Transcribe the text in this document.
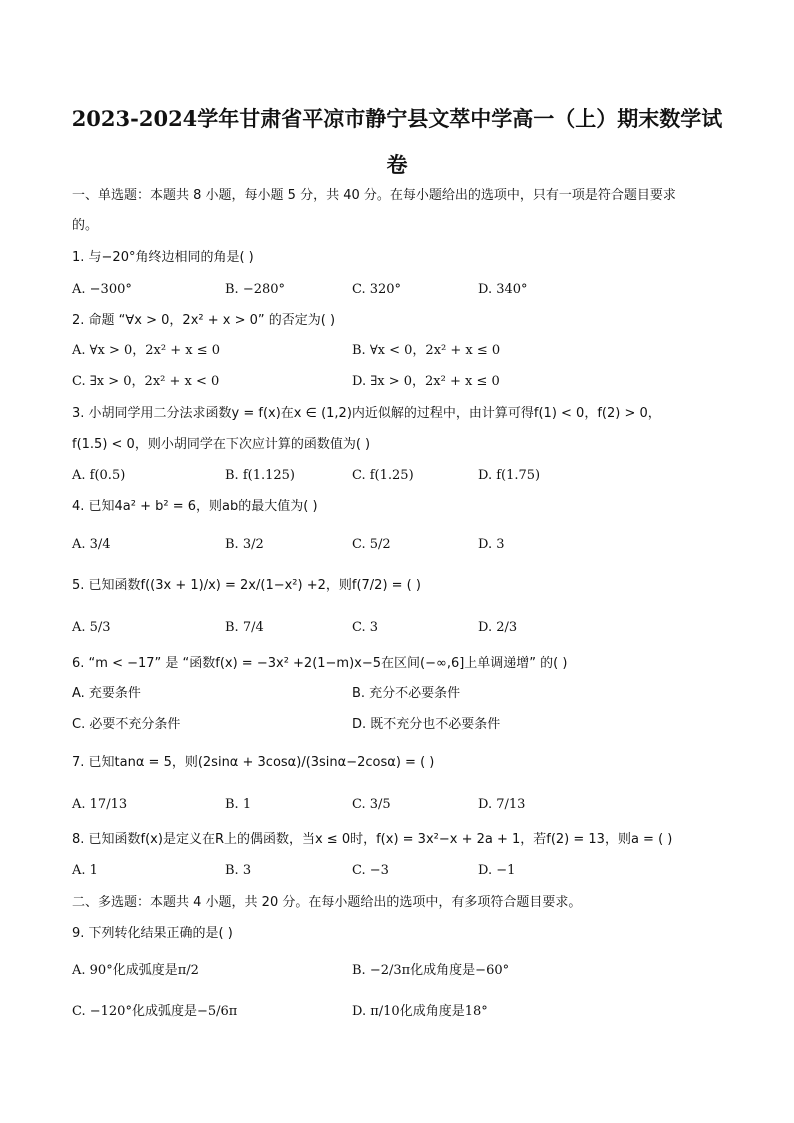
2023-2024学年甘肃省平凉市静宁县文萃中学高一（上）期末数学试
卷
一、单选题：本题共 8 小题，每小题 5 分，共 40 分。在每小题给出的选项中，只有一项是符合题目要求
的。
1. 与−20°角终边相同的角是( )
A. −300°	B. −280°	C. 320°	D. 340°
2. 命题 “∀x > 0，2x² + x > 0” 的否定为( )
A. ∀x > 0，2x² + x ≤ 0	B. ∀x < 0，2x² + x ≤ 0
C. ∃x > 0，2x² + x < 0	D. ∃x > 0，2x² + x ≤ 0
3. 小胡同学用二分法求函数y = f(x)在x ∈ (1,2)内近似解的过程中，由计算可得f(1) < 0，f(2) > 0，
f(1.5) < 0，则小胡同学在下次应计算的函数值为( )
A. f(0.5)	B. f(1.125)	C. f(1.25)	D. f(1.75)
4. 已知4a² + b² = 6，则ab的最大值为( )
A. 3/4	B. 3/2	C. 5/2	D. 3
5. 已知函数f((3x + 1)/x) = 2x/(1−x²) +2，则f(7/2) = ( )
A. 5/3	B. 7/4	C. 3	D. 2/3
6. “m < −17” 是 “函数f(x) = −3x² +2(1−m)x−5在区间(−∞,6]上单调递增” 的( )
A. 充要条件	B. 充分不必要条件
C. 必要不充分条件	D. 既不充分也不必要条件
7. 已知tanα = 5，则(2sinα + 3cosα)/(3sinα−2cosα) = ( )
A. 17/13	B. 1	C. 3/5	D. 7/13
8. 已知函数f(x)是定义在R上的偶函数，当x ≤ 0时，f(x) = 3x²−x + 2a + 1，若f(2) = 13，则a = ( )
A. 1	B. 3	C. −3	D. −1
二、多选题：本题共 4 小题，共 20 分。在每小题给出的选项中，有多项符合题目要求。
9. 下列转化结果正确的是( )
A. 90°化成弧度是π/2	B. −2/3π化成角度是−60°
C. −120°化成弧度是−5/6π	D. π/10化成角度是18°
